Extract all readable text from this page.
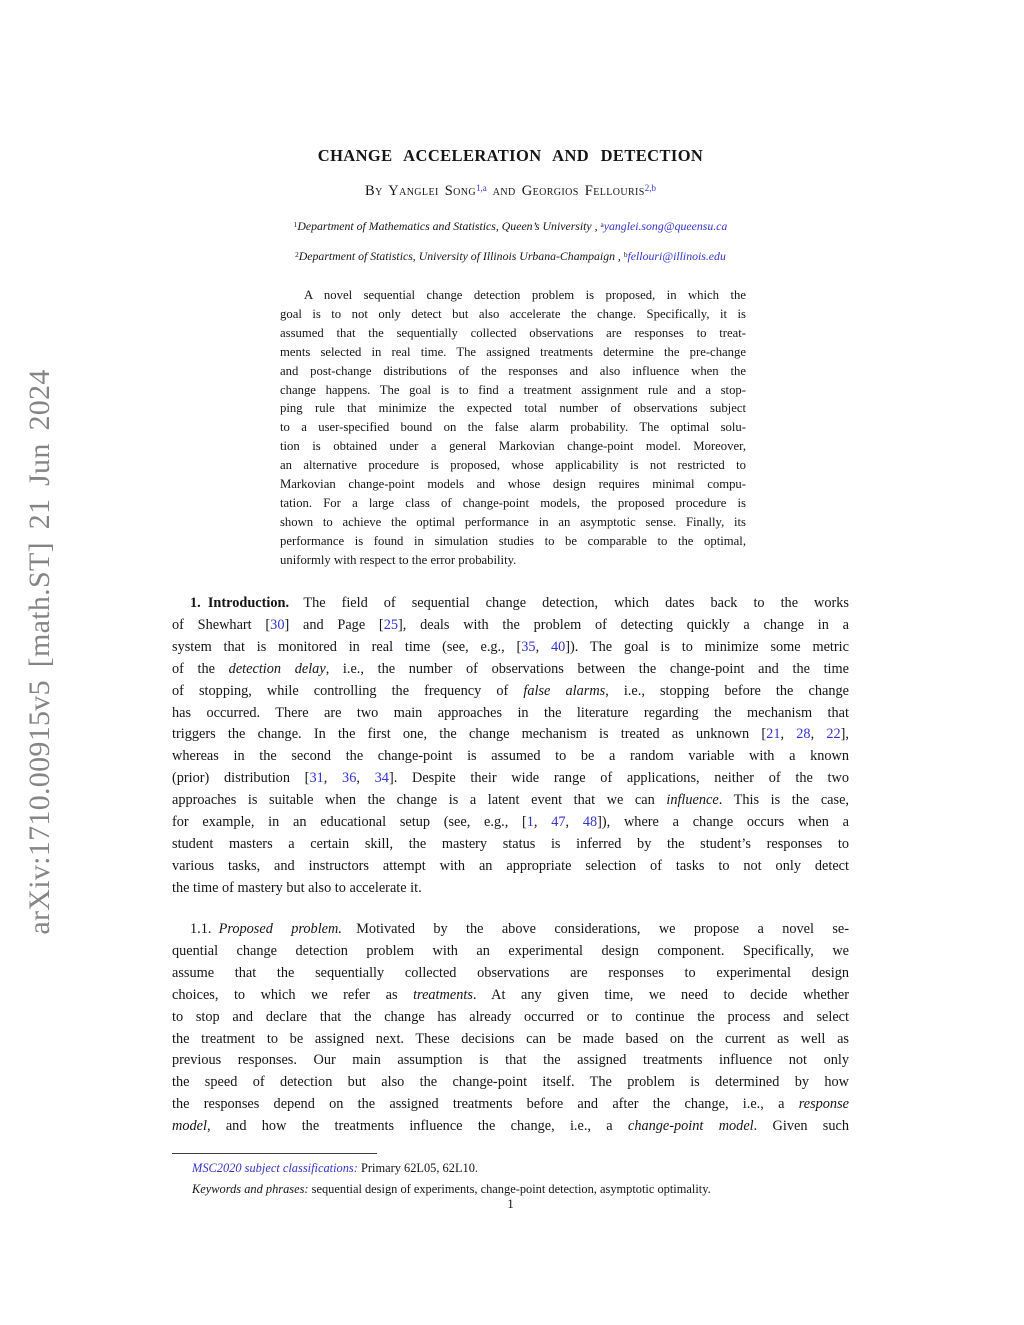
arXiv:1710.00915v5 [math.ST] 21 Jun 2024
CHANGE ACCELERATION AND DETECTION
By Yanglei Song$^{1,a}$ and Georgios Fellouris$^{2,b}$
$^1$Department of Mathematics and Statistics, Queen’s University , $^a$yanglei.song@queensu.ca
$^2$Department of Statistics, University of Illinois Urbana-Champaign , $^b$fellouri@illinois.edu
A novel sequential change detection problem is proposed, in which the
goal is to not only detect but also accelerate the change. Specifically, it is
assumed that the sequentially collected observations are responses to treat-
ments selected in real time. The assigned treatments determine the pre-change
and post-change distributions of the responses and also influence when the
change happens. The goal is to find a treatment assignment rule and a stop-
ping rule that minimize the expected total number of observations subject
to a user-specified bound on the false alarm probability. The optimal solu-
tion is obtained under a general Markovian change-point model. Moreover,
an alternative procedure is proposed, whose applicability is not restricted to
Markovian change-point models and whose design requires minimal compu-
tation. For a large class of change-point models, the proposed procedure is
shown to achieve the optimal performance in an asymptotic sense. Finally, its
performance is found in simulation studies to be comparable to the optimal,
uniformly with respect to the error probability.
1. Introduction.  The field of sequential change detection, which dates back to the works
of Shewhart [30] and Page [25], deals with the problem of detecting quickly a change in a
system that is monitored in real time (see, e.g., [35, 40]). The goal is to minimize some metric
of the detection delay, i.e., the number of observations between the change-point and the time
of stopping, while controlling the frequency of false alarms, i.e., stopping before the change
has occurred. There are two main approaches in the literature regarding the mechanism that
triggers the change. In the first one, the change mechanism is treated as unknown [21, 28, 22],
whereas in the second the change-point is assumed to be a random variable with a known
(prior) distribution [31, 36, 34]. Despite their wide range of applications, neither of the two
approaches is suitable when the change is a latent event that we can influence. This is the case,
for example, in an educational setup (see, e.g., [1, 47, 48]), where a change occurs when a
student masters a certain skill, the mastery status is inferred by the student’s responses to
various tasks, and instructors attempt with an appropriate selection of tasks to not only detect
the time of mastery but also to accelerate it.
1.1. Proposed problem.  Motivated by the above considerations, we propose a novel se-
quential change detection problem with an experimental design component. Specifically, we
assume that the sequentially collected observations are responses to experimental design
choices, to which we refer as treatments. At any given time, we need to decide whether
to stop and declare that the change has already occurred or to continue the process and select
the treatment to be assigned next. These decisions can be made based on the current as well as
previous responses. Our main assumption is that the assigned treatments influence not only
the speed of detection but also the change-point itself. The problem is determined by how
the responses depend on the assigned treatments before and after the change, i.e., a response
model, and how the treatments influence the change, i.e., a change-point model. Given such
MSC2020 subject classifications: Primary 62L05, 62L10.
Keywords and phrases: sequential design of experiments, change-point detection, asymptotic optimality.
1
